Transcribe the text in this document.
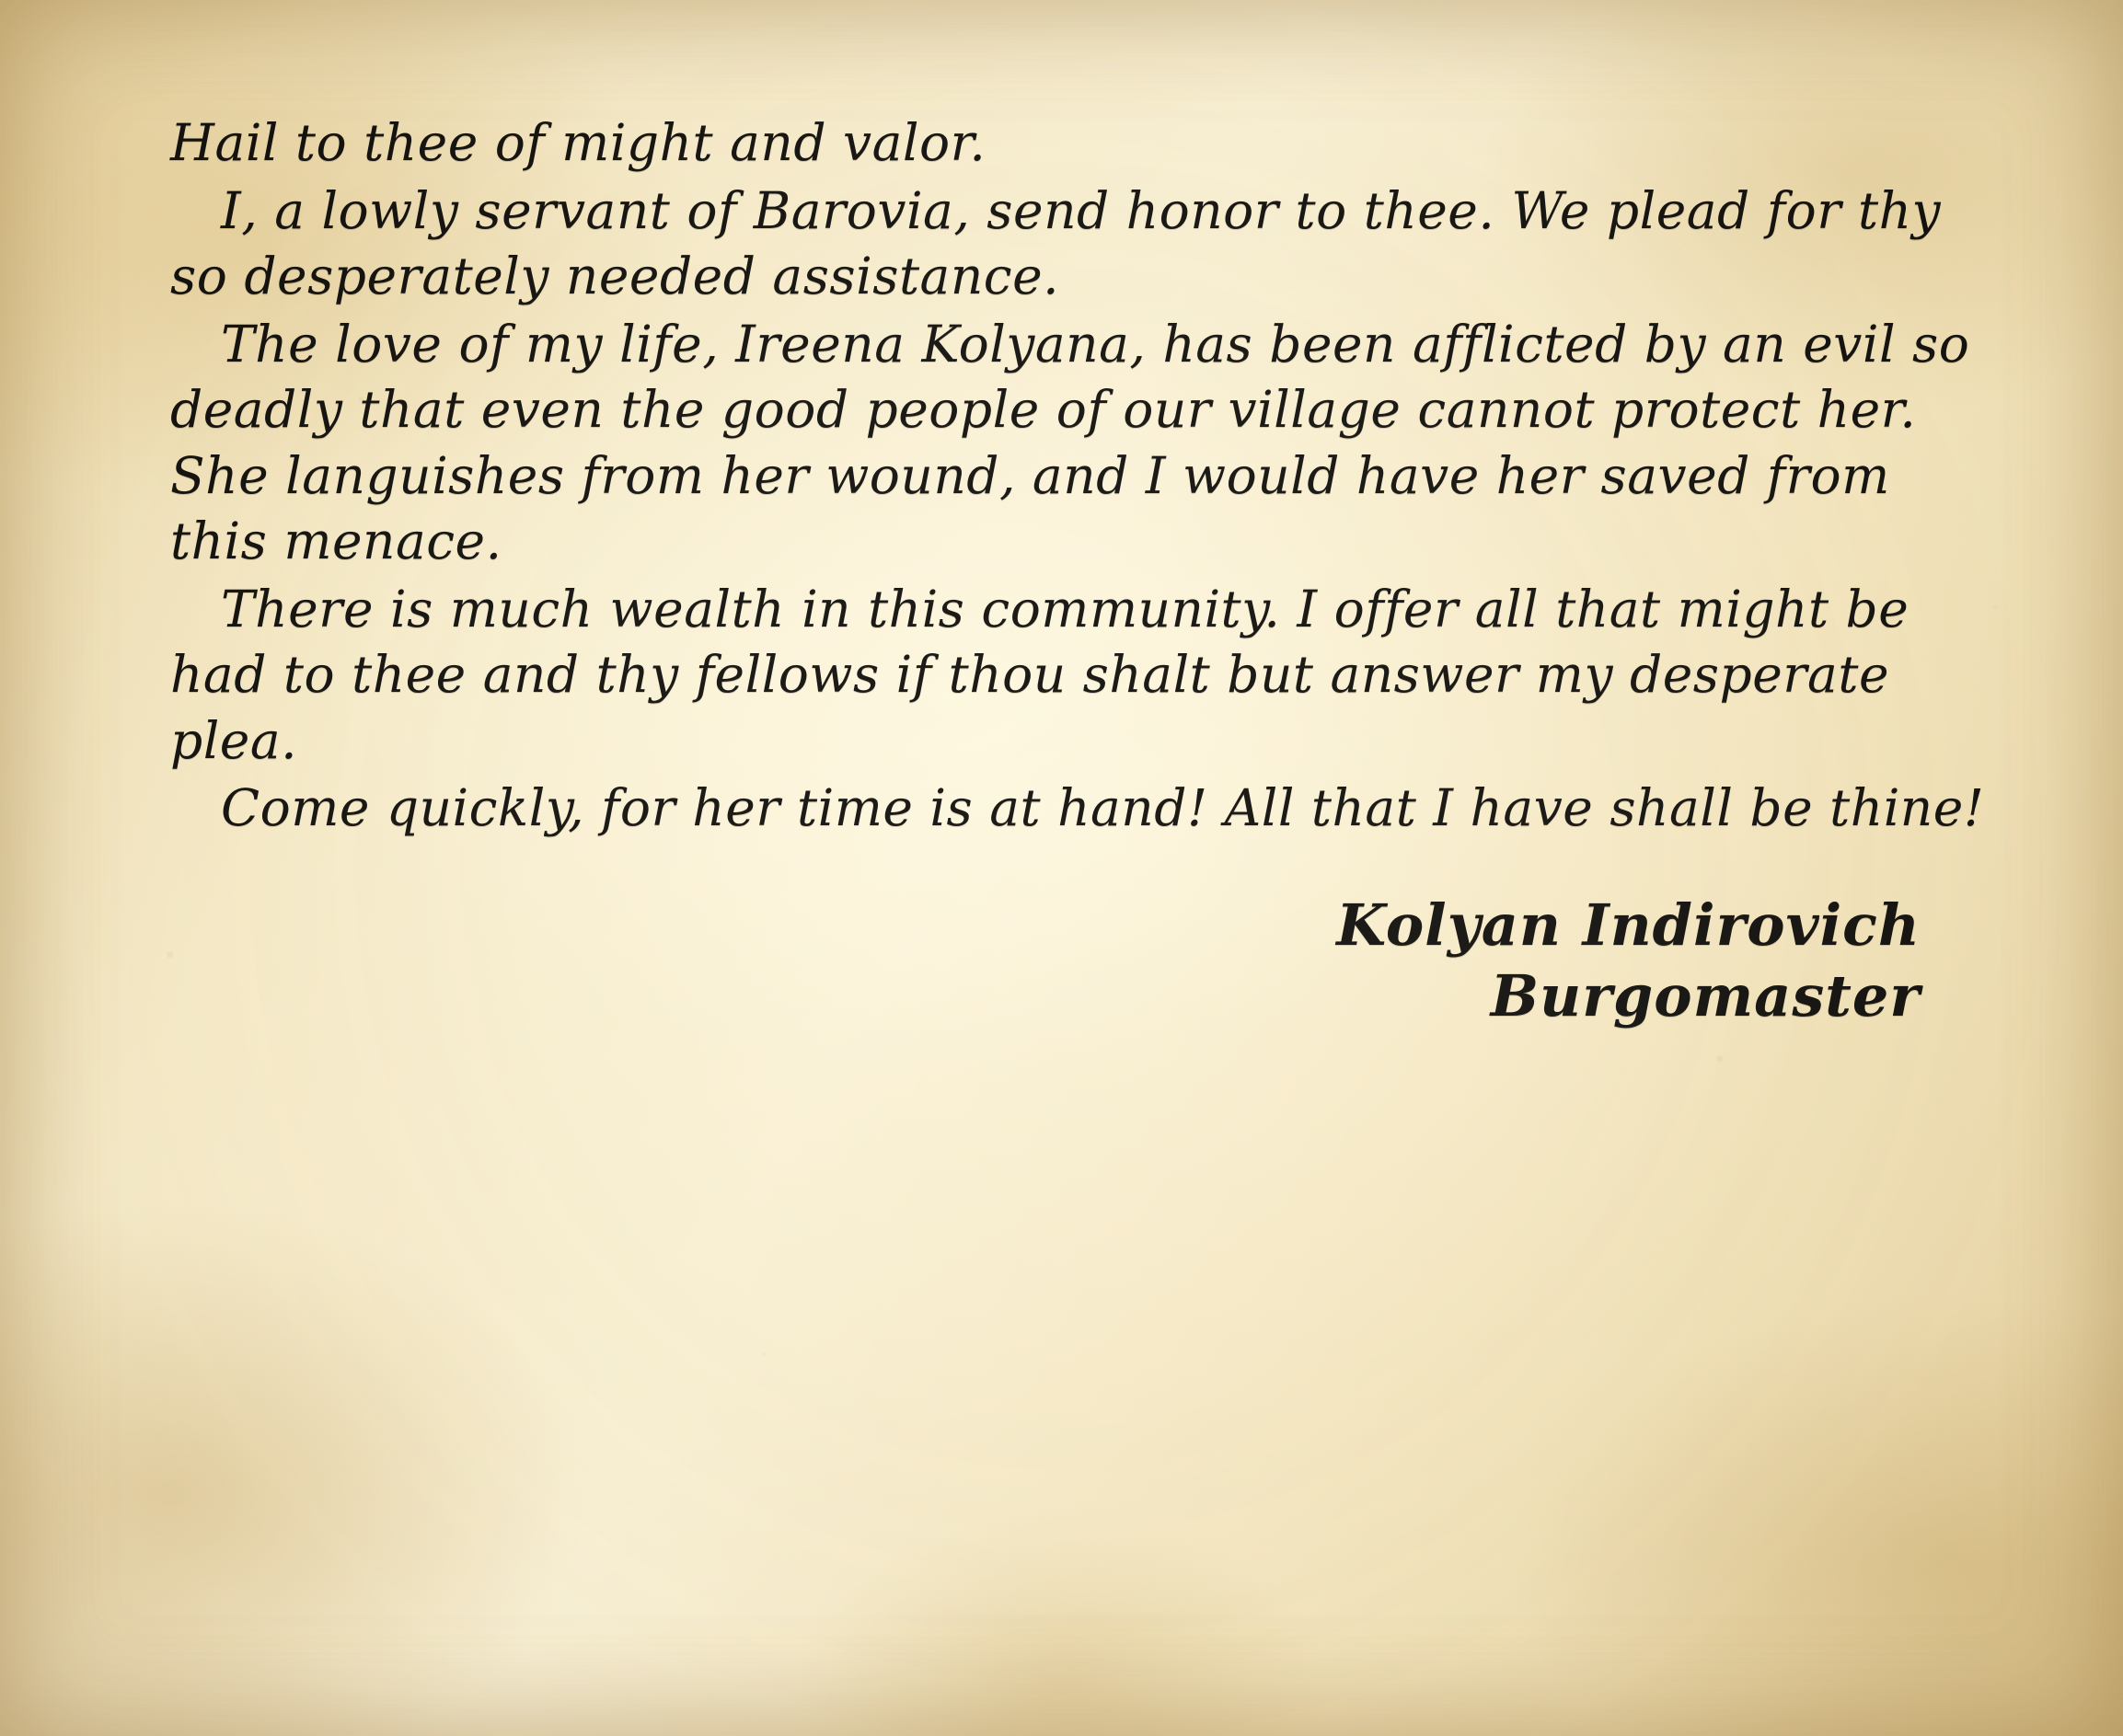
Hail to thee of might and valor.

I, a lowly servant of Barovia, send honor to thee. We plead for thy so desperately needed assistance.

The love of my life, Ireena Kolyana, has been afflicted by an evil so deadly that even the good people of our village cannot protect her. She languishes from her wound, and I would have her saved from this menace.

There is much wealth in this community. I offer all that might be had to thee and thy fellows if thou shalt but answer my desperate plea.

Come quickly, for her time is at hand! All that I have shall be thine!

Kolyan Indirovich
Burgomaster
